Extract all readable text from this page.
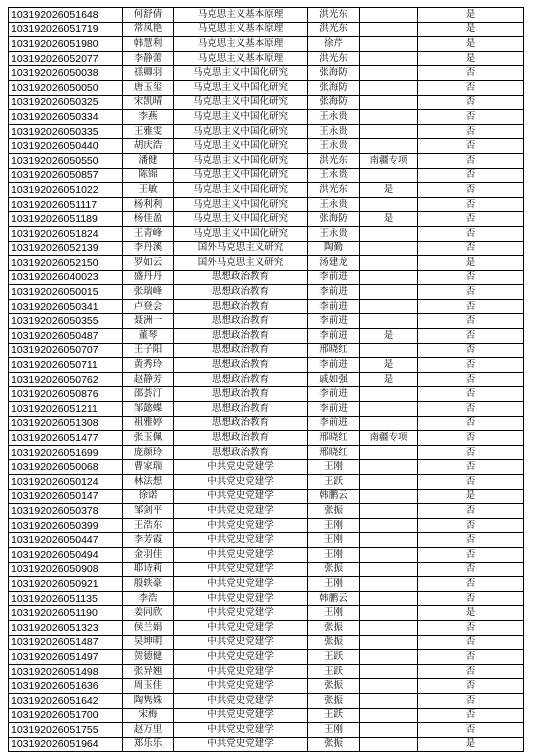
103192026051648	何舒倩	马克思主义基本原理	洪光东		是
103192026051719	常凤艳	马克思主义基本原理	洪光东		是
103192026051980	韩慧利	马克思主义基本原理	徐芹		是
103192026052077	李静蕾	马克思主义基本原理	洪光东		是
103192026050038	禚卿羽	马克思主义中国化研究	张海防		否
103192026050050	唐玉玺	马克思主义中国化研究	张海防		否
103192026050325	宋凯晴	马克思主义中国化研究	张海防		否
103192026050334	李燕	马克思主义中国化研究	王永贵		否
103192026050335	王雅雯	马克思主义中国化研究	王永贵		否
103192026050440	胡庆浩	马克思主义中国化研究	王永贵		否
103192026050550	潘健	马克思主义中国化研究	洪光东	南疆专项	否
103192026050857	陈锦	马克思主义中国化研究	王永贵		否
103192026051022	王敏	马克思主义中国化研究	洪光东	是	否
103192026051117	杨利利	马克思主义中国化研究	王永贵		否
103192026051189	杨佳盈	马克思主义中国化研究	张海防	是	否
103192026051824	王青峰	马克思主义中国化研究	王永贵		否
103192026052139	李丹溪	国外马克思主义研究	陶勤		否
103192026052150	罗如云	国外马克思主义研究	汤建龙		是
103192026040023	盛丹丹	思想政治教育	李前进		否
103192026050015	张瑞峰	思想政治教育	李前进		否
103192026050341	卢登会	思想政治教育	李前进		否
103192026050355	聂洲一	思想政治教育	李前进		否
103192026050487	董琴	思想政治教育	李前进	是	否
103192026050707	王子阳	思想政治教育	邢晓红		否
103192026050711	黄秀玲	思想政治教育	李前进	是	否
103192026050762	赵静芳	思想政治教育	戚如强	是	否
103192026050876	邵荟汀	思想政治教育	李前进		否
103192026051211	邹懿蝶	思想政治教育	李前进		否
103192026051308	祖雅婷	思想政治教育	李前进		否
103192026051477	张玉佩	思想政治教育	邢晓红	南疆专项	否
103192026051699	庞颜玲	思想政治教育	邢晓红		否
103192026050068	曹家瑞	中共党史党建学	王刚		否
103192026050124	林法想	中共党史党建学	王跃		否
103192026050147	徐诺	中共党史党建学	韩鹏云		是
103192026050378	邹剑平	中共党史党建学	张振		否
103192026050399	王浩东	中共党史党建学	王刚		否
103192026050447	李芳霞	中共党史党建学	王刚		否
103192026050494	金羽佳	中共党史党建学	王刚		否
103192026050908	耶诗莉	中共党史党建学	张振		否
103192026050921	殷轶豪	中共党史党建学	王刚		否
103192026051135	李浩	中共党史党建学	韩鹏云		否
103192026051190	姜同欣	中共党史党建学	王刚		是
103192026051323	侯兰娟	中共党史党建学	张振		否
103192026051487	吴坤明	中共党史党建学	张振		否
103192026051497	贺德健	中共党史党建学	王跃		否
103192026051498	张异翘	中共党史党建学	王跃		否
103192026051636	周玉佳	中共党史党建学	张振		否
103192026051642	陶隽姝	中共党史党建学	张振		否
103192026051700	宋梅	中共党史党建学	王跃		否
103192026051755	赵万里	中共党史党建学	王刚		否
103192026051964	郑乐乐	中共党史党建学	张振		是
